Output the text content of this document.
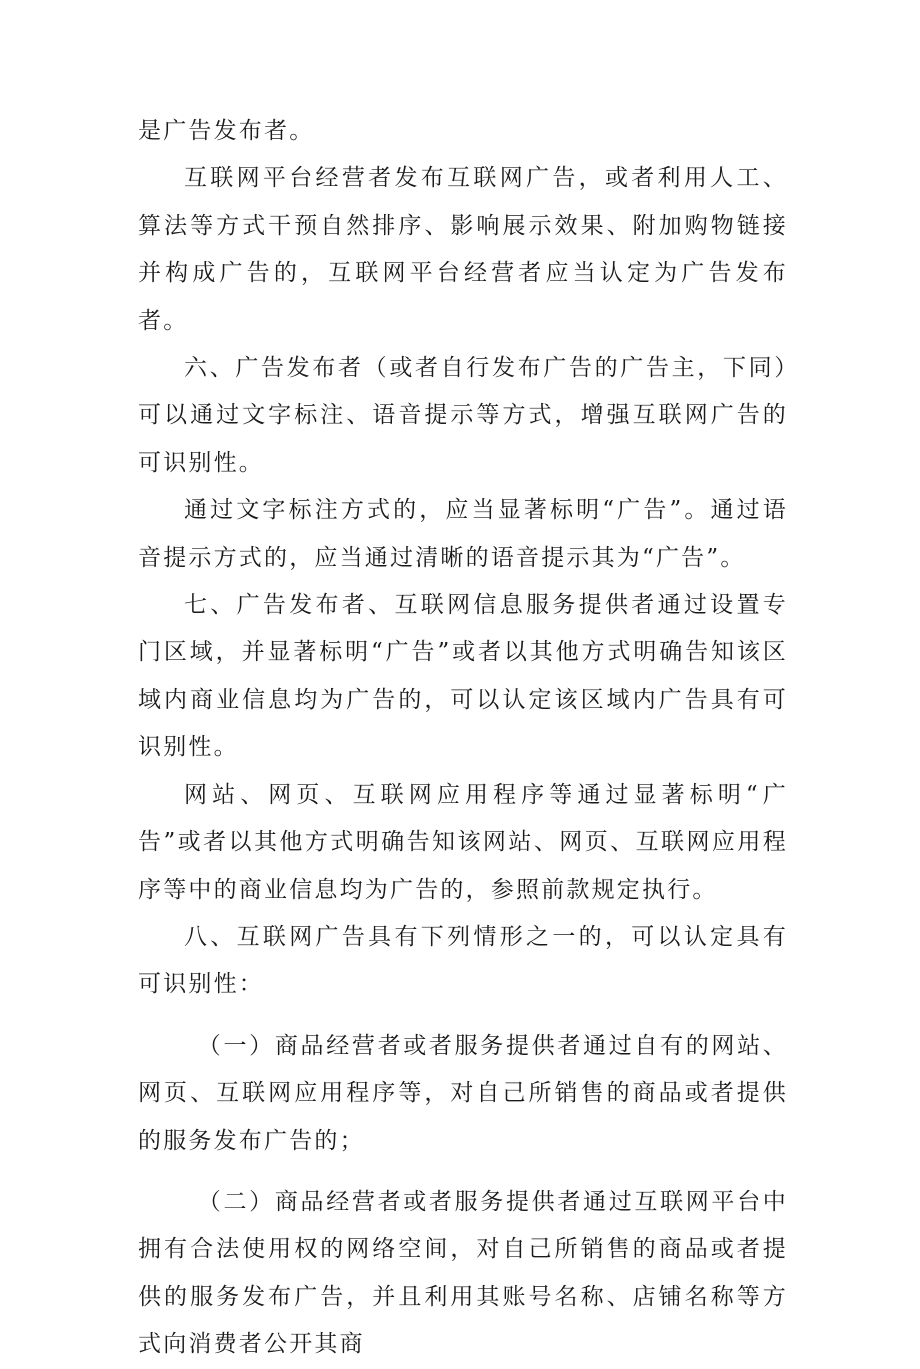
是广告发布者。

互联网平台经营者发布互联网广告，或者利用人工、算法等方式干预自然排序、影响展示效果、附加购物链接并构成广告的，互联网平台经营者应当认定为广告发布者。

六、广告发布者（或者自行发布广告的广告主，下同）可以通过文字标注、语音提示等方式，增强互联网广告的可识别性。

通过文字标注方式的，应当显著标明“广告”。通过语音提示方式的，应当通过清晰的语音提示其为“广告”。

七、广告发布者、互联网信息服务提供者通过设置专门区域，并显著标明“广告”或者以其他方式明确告知该区域内商业信息均为广告的，可以认定该区域内广告具有可识别性。

网站、网页、互联网应用程序等通过显著标明“广告”或者以其他方式明确告知该网站、网页、互联网应用程序等中的商业信息均为广告的，参照前款规定执行。

八、互联网广告具有下列情形之一的，可以认定具有可识别性：

（一）商品经营者或者服务提供者通过自有的网站、网页、互联网应用程序等，对自己所销售的商品或者提供的服务发布广告的；

（二）商品经营者或者服务提供者通过互联网平台中拥有合法使用权的网络空间，对自己所销售的商品或者提供的服务发布广告，并且利用其账号名称、店铺名称等方式向消费者公开其商
